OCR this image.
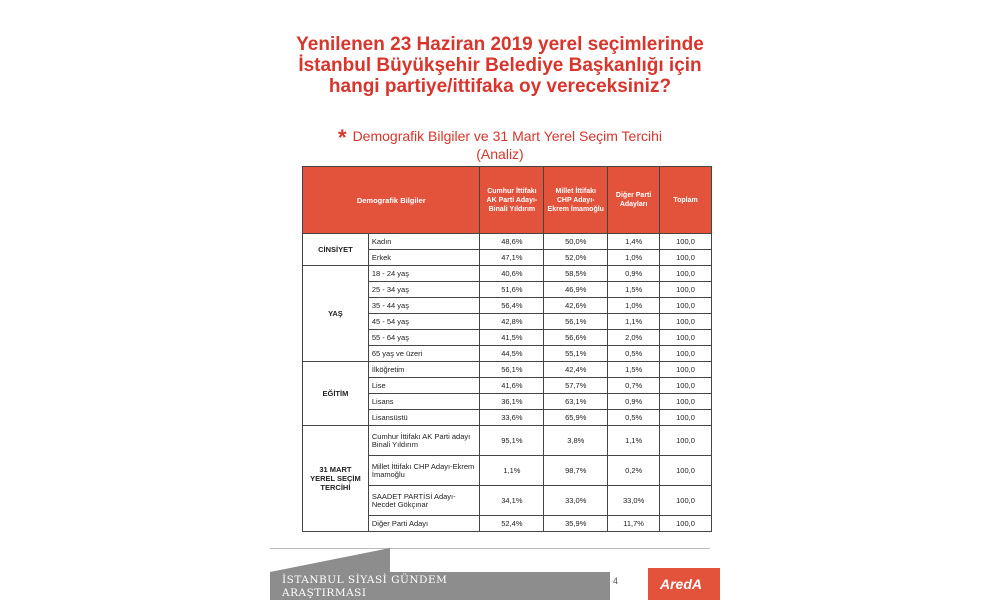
Yenilenen 23 Haziran 2019 yerel seçimlerinde İstanbul Büyükşehir Belediye Başkanlığı için hangi partiye/ittifaka oy vereceksiniz?
* Demografik Bilgiler ve 31 Mart Yerel Seçim Tercihi (Analiz)
Demografik Bilgiler		Cumhur İttifakı AK Parti Adayı-Binali Yıldırım	Millet İttifakı CHP Adayı-Ekrem İmamoğlu	Diğer Parti Adayları	Toplam
CİNSİYET	Kadın	48,6%	50,0%	1,4%	100,0
	Erkek	47,1%	52,0%	1,0%	100,0
YAŞ	18 - 24 yaş	40,6%	58,5%	0,9%	100,0
	25 - 34 yaş	51,6%	46,9%	1,5%	100,0
	35 - 44 yaş	56,4%	42,6%	1,0%	100,0
	45 - 54 yaş	42,8%	56,1%	1,1%	100,0
	55 - 64 yaş	41,5%	56,6%	2,0%	100,0
	65 yaş ve üzeri	44,5%	55,1%	0,5%	100,0
EĞİTİM	İlköğretim	56,1%	42,4%	1,5%	100,0
	Lise	41,6%	57,7%	0,7%	100,0
	Lisans	36,1%	63,1%	0,9%	100,0
	Lisansüstü	33,6%	65,9%	0,5%	100,0
31 MART YEREL SEÇİM TERCİHİ	Cumhur İttifakı AK Parti adayı Binali Yıldırım	95,1%	3,8%	1,1%	100,0
	Millet İttifakı CHP Adayı-Ekrem İmamoğlu	1,1%	98,7%	0,2%	100,0
	SAADET PARTİSİ Adayı-Necdet Gökçınar	34,1%	33,0%	33,0%	100,0
	Diğer Parti Adayı	52,4%	35,9%	11,7%	100,0
İSTANBUL SİYASİ GÜNDEM ARAŞTIRMASI
4	AredA
